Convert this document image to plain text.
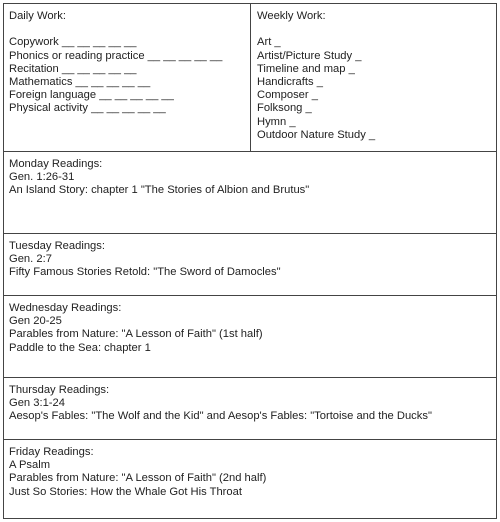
Daily Work:
Copywork __ __ __ __ __
Phonics or reading practice __ __ __ __ __
Recitation __ __ __ __ __
Mathematics __ __ __ __ __
Foreign language __ __ __ __ __
Physical activity __ __ __ __ __
Weekly Work:
Art _
Artist/Picture Study _
Timeline and map _
Handicrafts _
Composer _
Folksong _
Hymn _
Outdoor Nature Study _
Monday Readings:
Gen. 1:26-31
An Island Story: chapter 1 "The Stories of Albion and Brutus"
Tuesday Readings:
Gen. 2:7
Fifty Famous Stories Retold: "The Sword of Damocles"
Wednesday Readings:
Gen 20-25
Parables from Nature: "A Lesson of Faith" (1st half)
Paddle to the Sea: chapter 1
Thursday Readings:
Gen 3:1-24
Aesop's Fables: "The Wolf and the Kid" and Aesop's Fables: "Tortoise and the Ducks"
Friday Readings:
A Psalm
Parables from Nature: "A Lesson of Faith" (2nd half)
Just So Stories: How the Whale Got His Throat
